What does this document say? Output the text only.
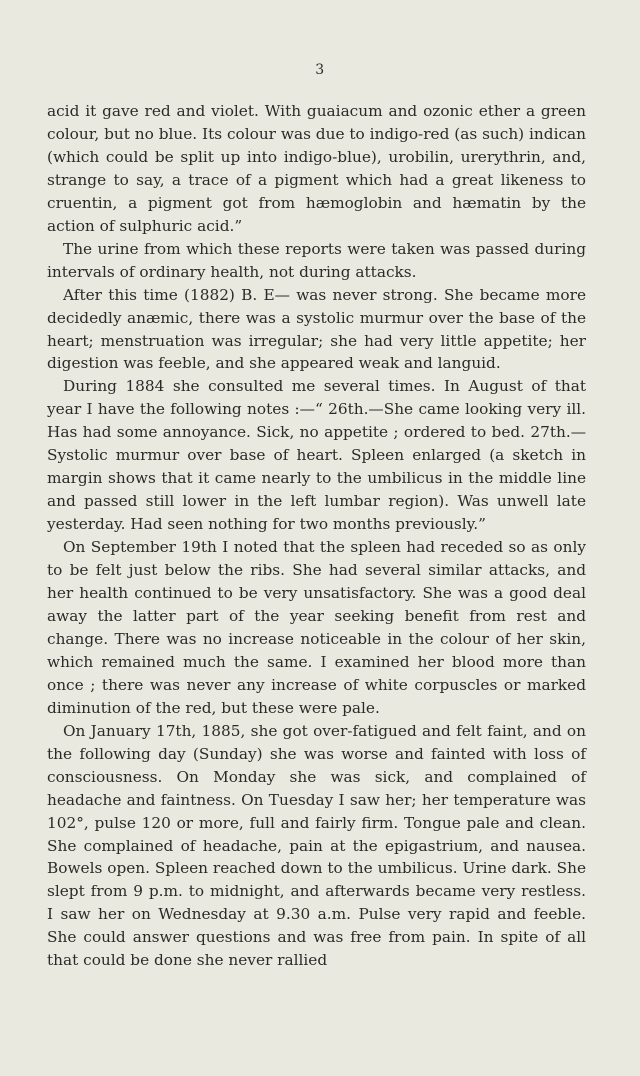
3

acid it gave red and violet. With guaiacum and ozonic ether a green colour, but no blue. Its colour was due to indigo-red (as such) indican (which could be split up into indigo-blue), urobilin, urerythrin, and, strange to say, a trace of a pigment which had a great likeness to cruentin, a pigment got from hæmoglobin and hæmatin by the action of sulphuric acid.”

The urine from which these reports were taken was passed during intervals of ordinary health, not during attacks.

After this time (1882) B. E— was never strong. She became more decidedly anæmic, there was a systolic murmur over the base of the heart; menstruation was irregular; she had very little appetite; her digestion was feeble, and she appeared weak and languid.

During 1884 she consulted me several times. In August of that year I have the following notes :—“ 26th.—She came looking very ill. Has had some annoyance. Sick, no appetite ; ordered to bed. 27th.—Systolic murmur over base of heart. Spleen enlarged (a sketch in margin shows that it came nearly to the umbilicus in the middle line and passed still lower in the left lumbar region). Was unwell late yesterday. Had seen nothing for two months previously.”

On September 19th I noted that the spleen had receded so as only to be felt just below the ribs. She had several similar attacks, and her health continued to be very unsatisfactory. She was a good deal away the latter part of the year seeking benefit from rest and change. There was no increase noticeable in the colour of her skin, which remained much the same. I examined her blood more than once ; there was never any increase of white corpuscles or marked diminution of the red, but these were pale.

On January 17th, 1885, she got over-fatigued and felt faint, and on the following day (Sunday) she was worse and fainted with loss of consciousness. On Monday she was sick, and complained of headache and faintness. On Tuesday I saw her; her temperature was 102°, pulse 120 or more, full and fairly firm. Tongue pale and clean. She complained of headache, pain at the epigastrium, and nausea. Bowels open. Spleen reached down to the umbilicus. Urine dark. She slept from 9 p.m. to midnight, and afterwards became very restless. I saw her on Wednesday at 9.30 a.m. Pulse very rapid and feeble. She could answer questions and was free from pain. In spite of all that could be done she never rallied
